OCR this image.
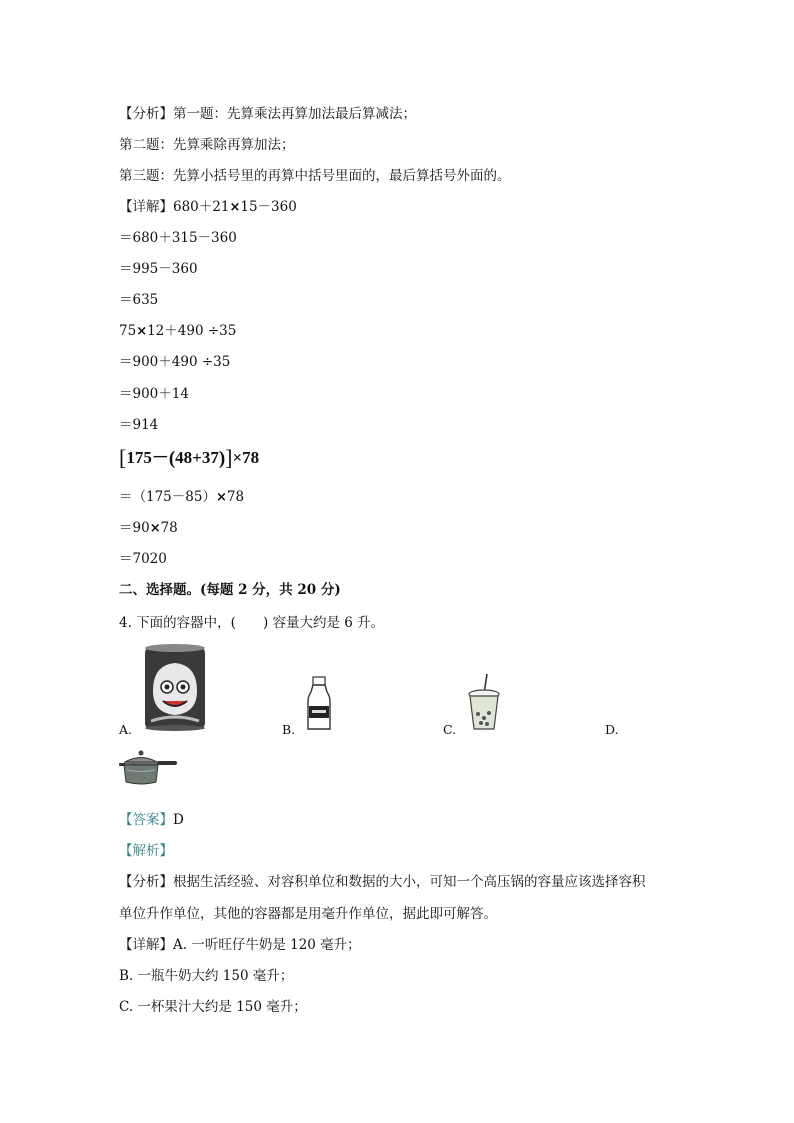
【分析】第一题：先算乘法再算加法最后算减法；
第二题：先算乘除再算加法；
第三题：先算小括号里的再算中括号里面的，最后算括号外面的。
【详解】680＋21×15－360
＝680＋315－360
＝995－360
＝635
75×12＋490 ÷35
＝900＋490 ÷35
＝900＋14
＝914
[175－(48+37)]×78
＝（175－85）×78
＝90×78
＝7020
二、选择题。(每题 2 分，共 20 分)
4. 下面的容器中，(　　) 容量大约是 6 升。
A.	B.	C.	D.
【答案】D
【解析】
【分析】根据生活经验、对容积单位和数据的大小，可知一个高压锅的容量应该选择容积
单位升作单位，其他的容器都是用毫升作单位，据此即可解答。
【详解】A. 一听旺仔牛奶是 120 毫升；
B. 一瓶牛奶大约 150 毫升；
C. 一杯果汁大约是 150 毫升；
